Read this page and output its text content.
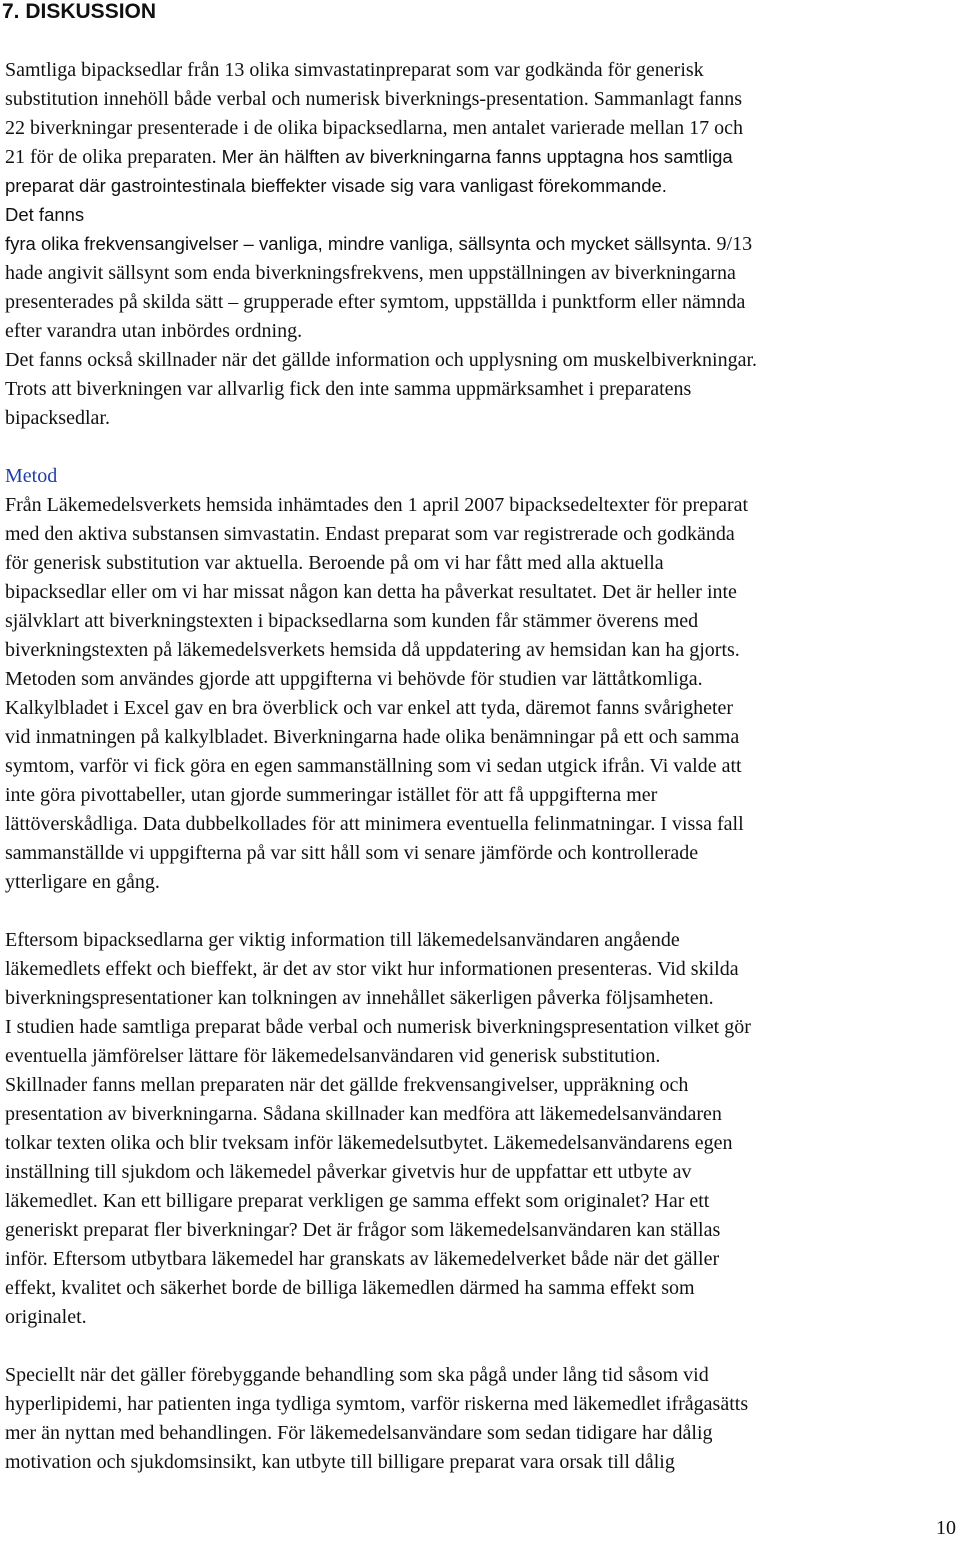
7. DISKUSSION
Samtliga bipacksedlar från 13 olika simvastatinpreparat som var godkända för generisk
substitution innehöll både verbal och numerisk biverknings-presentation. Sammanlagt fanns
22 biverkningar presenterade i de olika bipacksedlarna, men antalet varierade mellan 17 och
21 för de olika preparaten. Mer än hälften av biverkningarna fanns upptagna hos samtliga
preparat där gastrointestinala bieffekter visade sig vara vanligast förekommande.
Det fanns
fyra olika frekvensangivelser – vanliga, mindre vanliga, sällsynta och mycket sällsynta. 9/13
hade angivit sällsynt som enda biverkningsfrekvens, men uppställningen av biverkningarna
presenterades på skilda sätt – grupperade efter symtom, uppställda i punktform eller nämnda
efter varandra utan inbördes ordning.
Det fanns också skillnader när det gällde information och upplysning om muskelbiverkningar.
Trots att biverkningen var allvarlig fick den inte samma uppmärksamhet i preparatens
bipacksedlar.
Metod
Från Läkemedelsverkets hemsida inhämtades den 1 april 2007 bipacksedeltexter för preparat
med den aktiva substansen simvastatin. Endast preparat som var registrerade och godkända
för generisk substitution var aktuella. Beroende på om vi har fått med alla aktuella
bipacksedlar eller om vi har missat någon kan detta ha påverkat resultatet. Det är heller inte
självklart att biverkningstexten i bipacksedlarna som kunden får stämmer överens med
biverkningstexten på läkemedelsverkets hemsida då uppdatering av hemsidan kan ha gjorts.
Metoden som användes gjorde att uppgifterna vi behövde för studien var lättåtkomliga.
Kalkylbladet i Excel gav en bra överblick och var enkel att tyda, däremot fanns svårigheter
vid inmatningen på kalkylbladet. Biverkningarna hade olika benämningar på ett och samma
symtom, varför vi fick göra en egen sammanställning som vi sedan utgick ifrån. Vi valde att
inte göra pivottabeller, utan gjorde summeringar istället för att få uppgifterna mer
lättöverskådliga. Data dubbelkollades för att minimera eventuella felinmatningar. I vissa fall
sammanställde vi uppgifterna på var sitt håll som vi senare jämförde och kontrollerade
ytterligare en gång.
Eftersom bipacksedlarna ger viktig information till läkemedelsanvändaren angående
läkemedlets effekt och bieffekt, är det av stor vikt hur informationen presenteras. Vid skilda
biverkningspresentationer kan tolkningen av innehållet säkerligen påverka följsamheten.
I studien hade samtliga preparat både verbal och numerisk biverkningspresentation vilket gör
eventuella jämförelser lättare för läkemedelsanvändaren vid generisk substitution.
Skillnader fanns mellan preparaten när det gällde frekvensangivelser, uppräkning och
presentation av biverkningarna. Sådana skillnader kan medföra att läkemedelsanvändaren
tolkar texten olika och blir tveksam inför läkemedelsutbytet. Läkemedelsanvändarens egen
inställning till sjukdom och läkemedel påverkar givetvis hur de uppfattar ett utbyte av
läkemedlet. Kan ett billigare preparat verkligen ge samma effekt som originalet? Har ett
generiskt preparat fler biverkningar? Det är frågor som läkemedelsanvändaren kan ställas
inför. Eftersom utbytbara läkemedel har granskats av läkemedelverket både när det gäller
effekt, kvalitet och säkerhet borde de billiga läkemedlen därmed ha samma effekt som
originalet.
Speciellt när det gäller förebyggande behandling som ska pågå under lång tid såsom vid
hyperlipidemi, har patienten inga tydliga symtom, varför riskerna med läkemedlet ifrågasätts
mer än nyttan med behandlingen. För läkemedelsanvändare som sedan tidigare har dålig
motivation och sjukdomsinsikt, kan utbyte till billigare preparat vara orsak till dålig
10
